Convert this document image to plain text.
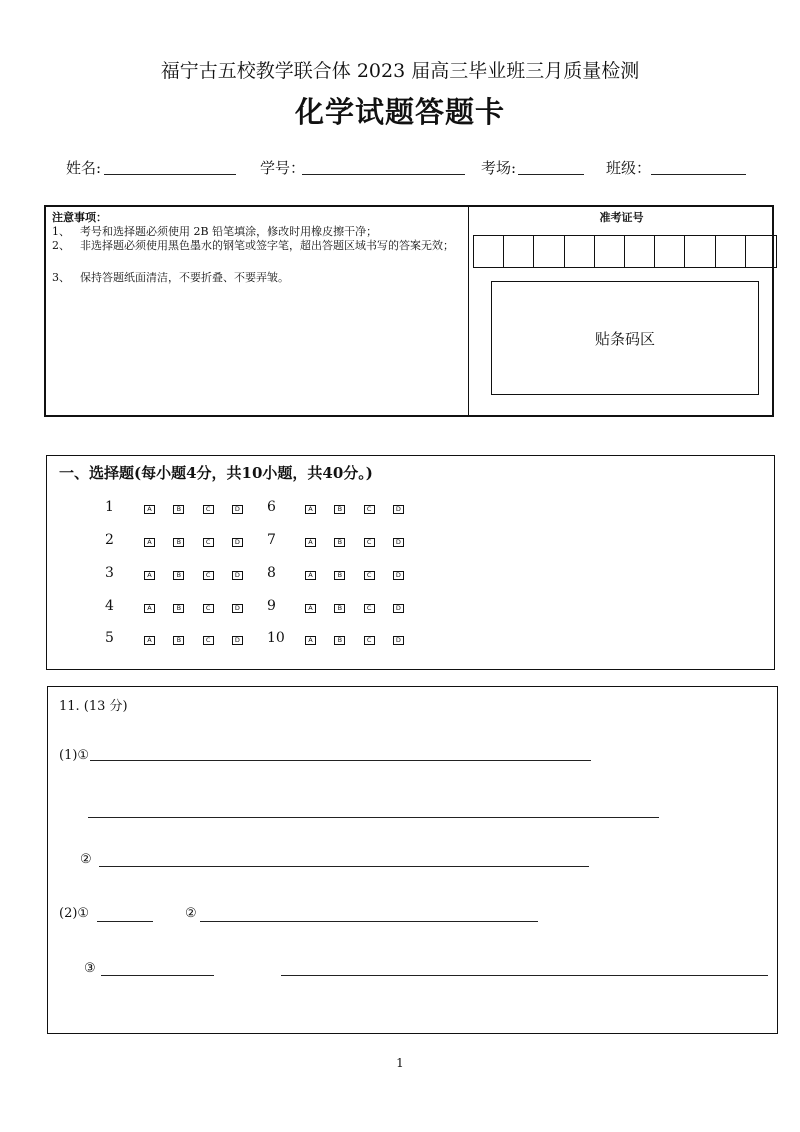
福宁古五校教学联合体 2023 届高三毕业班三月质量检测
化学试题答题卡
姓名:	学号：	考场:	班级：
注意事项：
1、 考号和选择题必须使用 2B 铅笔填涂，修改时用橡皮擦干净；
2、 非选择题必须使用黑色墨水的钢笔或签字笔，超出答题区域书写的答案无效；
3、 保持答题纸面清洁，不要折叠、不要弄皱。
准考证号
贴条码区
一、选择题(每小题4分，共10小题，共40分。)
1	A	B	C	D
2	A	B	C	D
3	A	B	C	D
4	A	B	C	D
5	A	B	C	D
6	A	B	C	D
7	A	B	C	D
8	A	B	C	D
9	A	B	C	D
10	A	B	C	D
11. (13 分)
(1)①
②
(2)①	②
③
1
